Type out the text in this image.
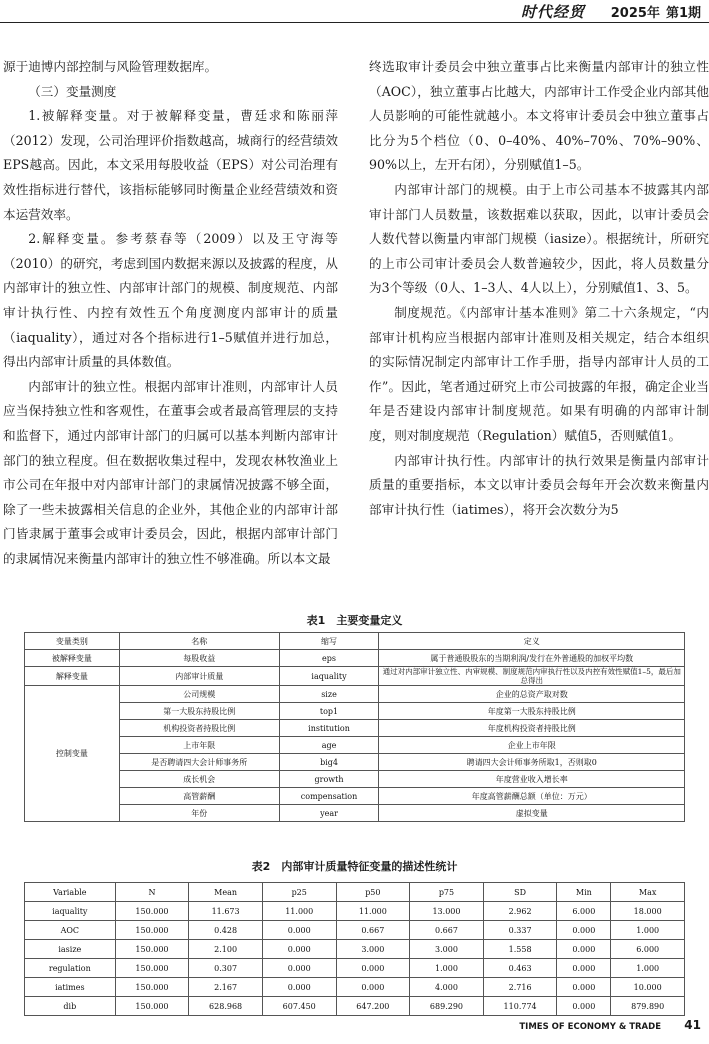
时代经贸	2025年 第1期

源于迪博内部控制与风险管理数据库。

（三）变量测度

1.被解释变量。对于被解释变量，曹廷求和陈丽萍（2012）发现，公司治理评价指数越高，城商行的经营绩效EPS越高。因此，本文采用每股收益（EPS）对公司治理有效性指标进行替代，该指标能够同时衡量企业经营绩效和资本运营效率。

2.解释变量。参考蔡春等（2009）以及王守海等（2010）的研究，考虑到国内数据来源以及披露的程度，从内部审计的独立性、内部审计部门的规模、制度规范、内部审计执行性、内控有效性五个角度测度内部审计的质量（iaquality），通过对各个指标进行1–5赋值并进行加总，得出内部审计质量的具体数值。

内部审计的独立性。根据内部审计准则，内部审计人员应当保持独立性和客观性，在董事会或者最高管理层的支持和监督下，通过内部审计部门的归属可以基本判断内部审计部门的独立程度。但在数据收集过程中，发现农林牧渔业上市公司在年报中对内部审计部门的隶属情况披露不够全面，除了一些未披露相关信息的企业外，其他企业的内部审计部门皆隶属于董事会或审计委员会，因此，根据内部审计部门的隶属情况来衡量内部审计的独立性不够准确。所以本文最

终选取审计委员会中独立董事占比来衡量内部审计的独立性（AOC），独立董事占比越大，内部审计工作受企业内部其他人员影响的可能性就越小。本文将审计委员会中独立董事占比分为5个档位（0、0–40%、40%–70%、70%–90%、90%以上，左开右闭），分别赋值1–5。

内部审计部门的规模。由于上市公司基本不披露其内部审计部门人员数量，该数据难以获取，因此，以审计委员会人数代替以衡量内审部门规模（iasize）。根据统计，所研究的上市公司审计委员会人数普遍较少，因此，将人员数量分为3个等级（0人、1–3人、4人以上），分别赋值1、3、5。

制度规范。《内部审计基本准则》第二十六条规定，“内部审计机构应当根据内部审计准则及相关规定，结合本组织的实际情况制定内部审计工作手册，指导内部审计人员的工作”。因此，笔者通过研究上市公司披露的年报，确定企业当年是否建设内部审计制度规范。如果有明确的内部审计制度，则对制度规范（Regulation）赋值5，否则赋值1。

内部审计执行性。内部审计的执行效果是衡量内部审计质量的重要指标，本文以审计委员会每年开会次数来衡量内部审计执行性（iatimes），将开会次数分为5

表1　主要变量定义
变量类别	名称	缩写	定义
被解释变量	每股收益	eps	属于普通股股东的当期利润/发行在外普通股的加权平均数
解释变量	内部审计质量	iaquality	通过对内部审计独立性、内审规模、制度规范内审执行性以及内控有效性赋值1–5，最后加总得出
控制变量	公司规模	size	企业的总资产取对数
	第一大股东持股比例	top1	年度第一大股东持股比例
	机构投资者持股比例	institution	年度机构投资者持股比例
	上市年限	age	企业上市年限
	是否聘请四大会计师事务所	big4	聘请四大会计师事务所取1，否则取0
	成长机会	growth	年度营业收入增长率
	高管薪酬	compensation	年度高管薪酬总额（单位：万元）
	年份	year	虚拟变量
表2　内部审计质量特征变量的描述性统计
Variable	N	Mean	p25	p50	p75	SD	Min	Max
iaquality	150.000	11.673	11.000	11.000	13.000	2.962	6.000	18.000
AOC	150.000	0.428	0.000	0.667	0.667	0.337	0.000	1.000
iasize	150.000	2.100	0.000	3.000	3.000	1.558	0.000	6.000
regulation	150.000	0.307	0.000	0.000	1.000	0.463	0.000	1.000
iatimes	150.000	2.167	0.000	0.000	4.000	2.716	0.000	10.000
dib	150.000	628.968	607.450	647.200	689.290	110.774	0.000	879.890
TIMES OF ECONOMY & TRADE 41
